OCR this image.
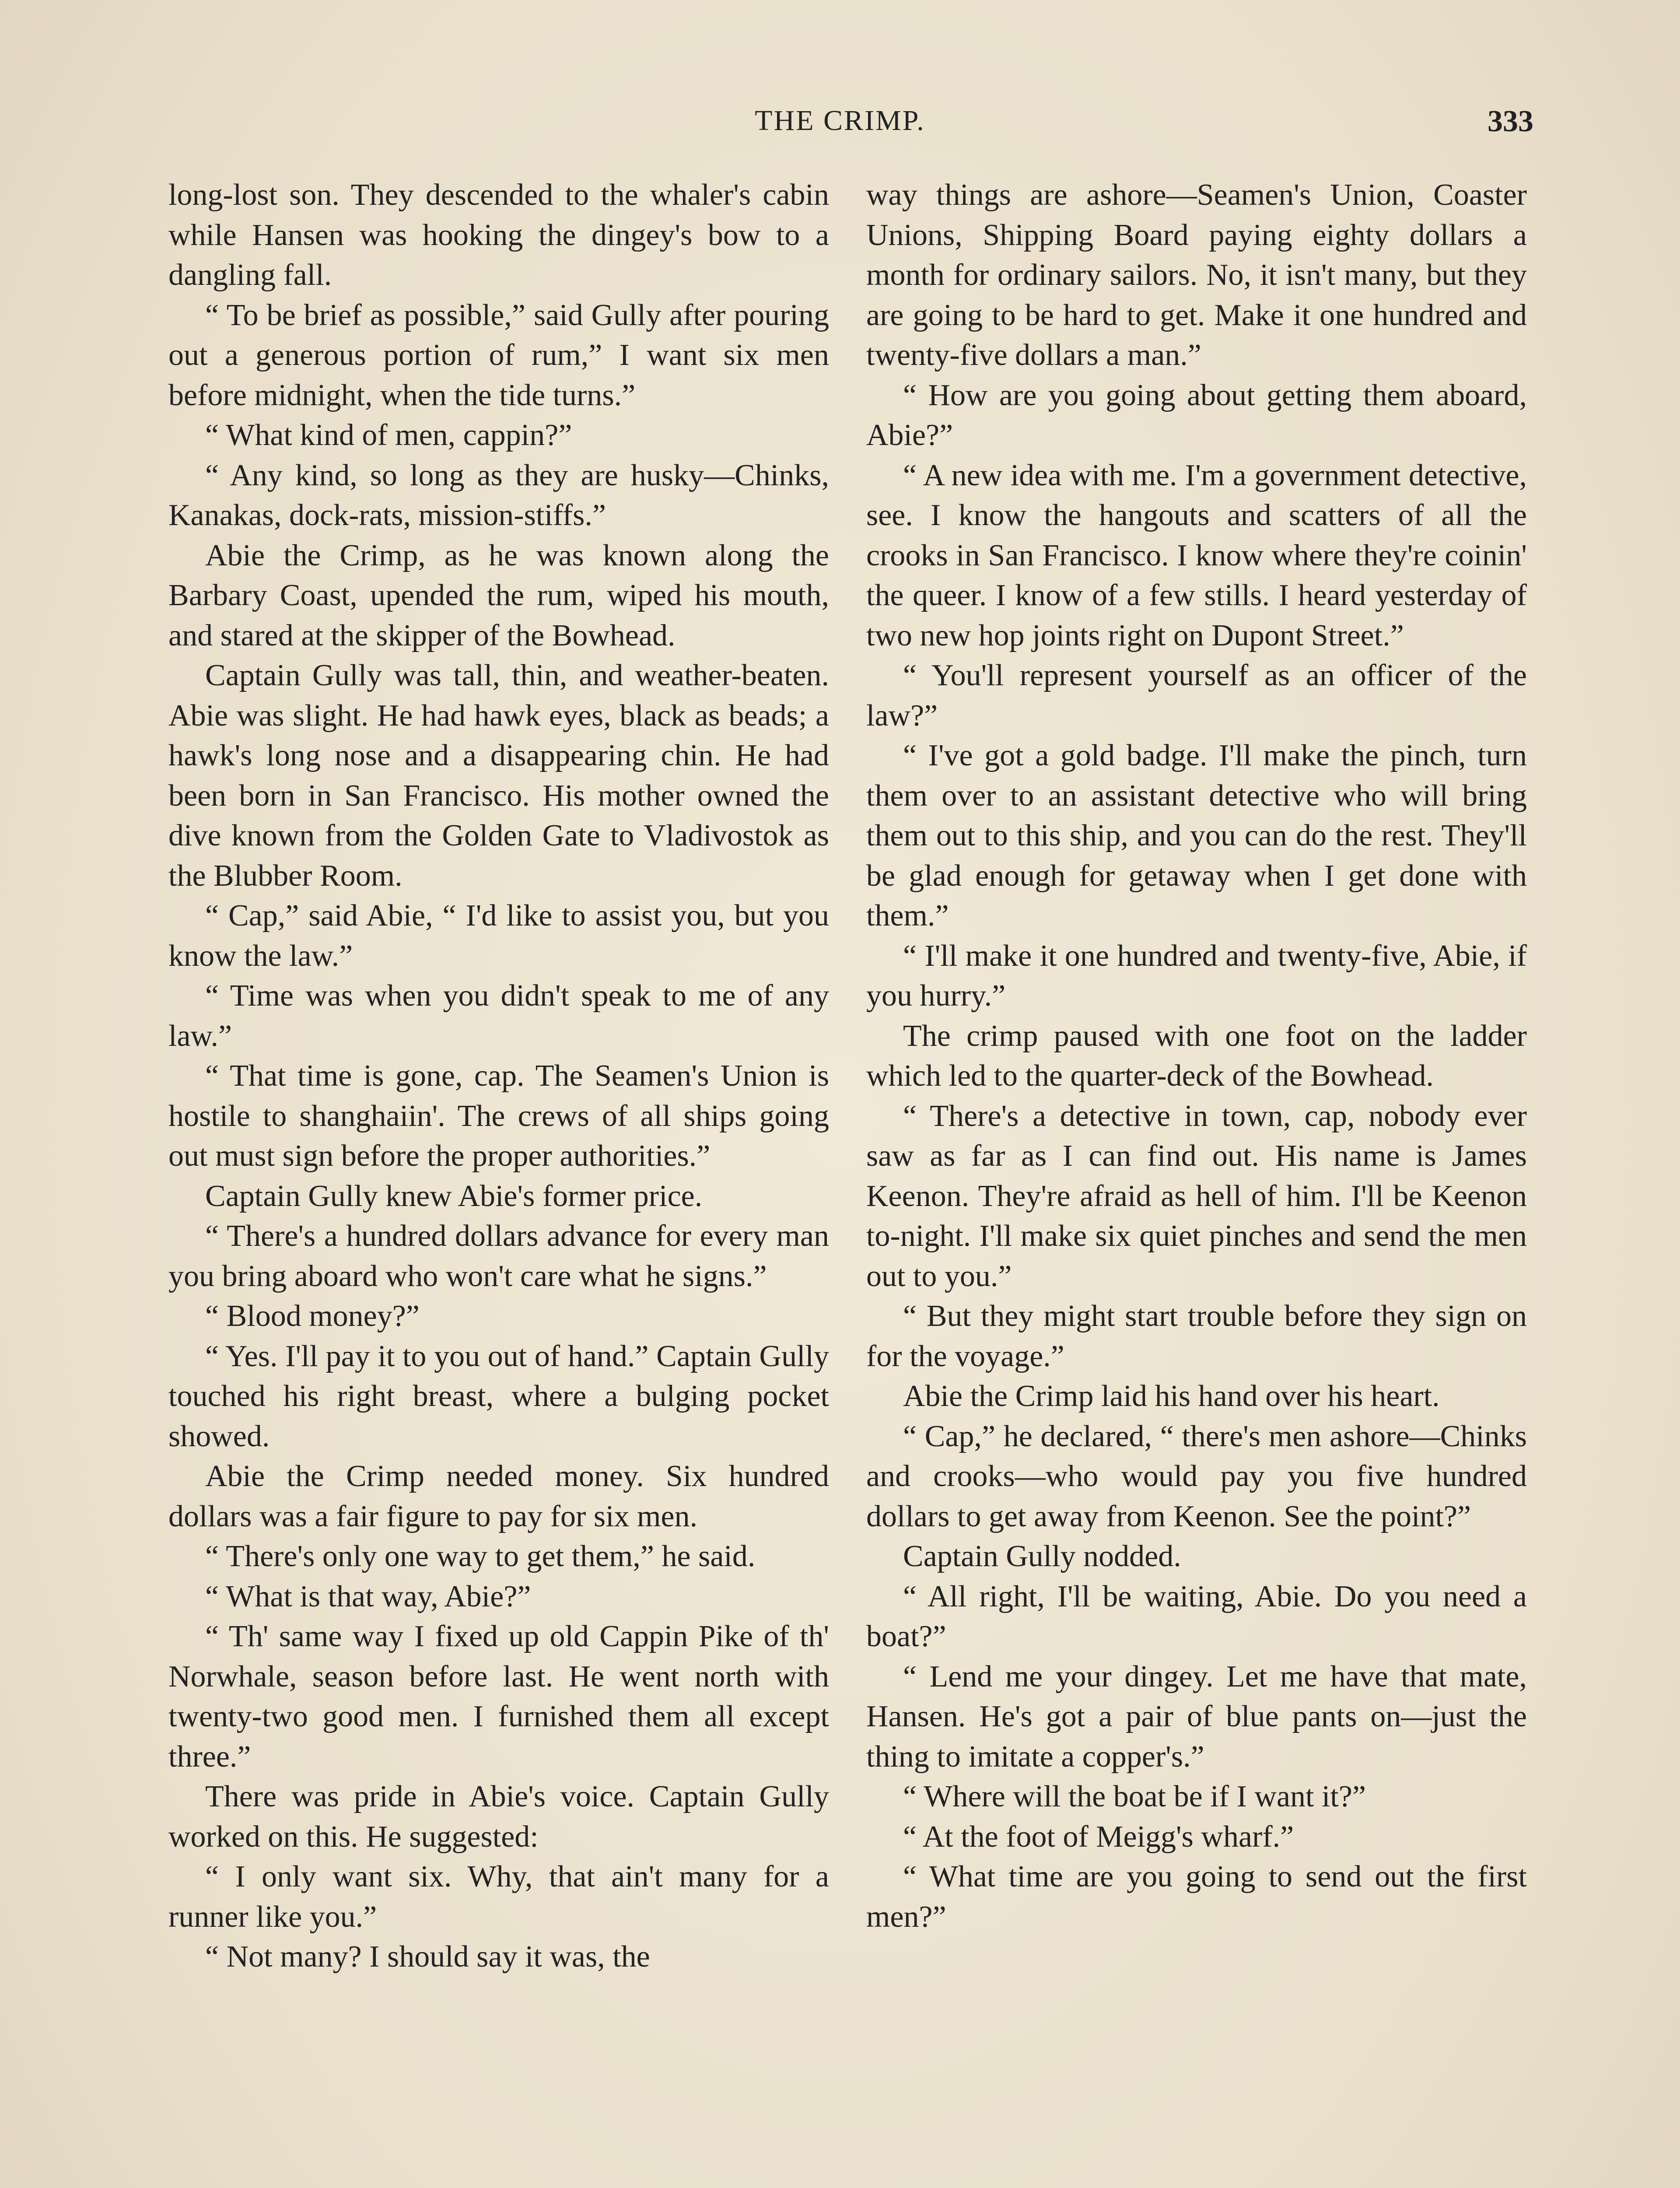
THE CRIMP.	333

long-lost son. They descended to the whaler's cabin while Hansen was hooking the dingey's bow to a dangling fall.

“ To be brief as possible,” said Gully after pouring out a generous portion of rum,” I want six men before midnight, when the tide turns.”

“ What kind of men, cappin?”

“ Any kind, so long as they are husky—Chinks, Kanakas, dock-rats, mission-stiffs.”

Abie the Crimp, as he was known along the Barbary Coast, upended the rum, wiped his mouth, and stared at the skipper of the Bowhead.

Captain Gully was tall, thin, and weather-beaten. Abie was slight. He had hawk eyes, black as beads; a hawk's long nose and a disappearing chin. He had been born in San Francisco. His mother owned the dive known from the Golden Gate to Vladivostok as the Blubber Room.

“ Cap,” said Abie, “ I'd like to assist you, but you know the law.”

“ Time was when you didn't speak to me of any law.”

“ That time is gone, cap. The Seamen's Union is hostile to shanghaiin'. The crews of all ships going out must sign before the proper authorities.”

Captain Gully knew Abie's former price.

“ There's a hundred dollars advance for every man you bring aboard who won't care what he signs.”

“ Blood money?”

“ Yes. I'll pay it to you out of hand.” Captain Gully touched his right breast, where a bulging pocket showed.

Abie the Crimp needed money. Six hundred dollars was a fair figure to pay for six men.

“ There's only one way to get them,” he said.

“ What is that way, Abie?”

“ Th' same way I fixed up old Cappin Pike of th' Norwhale, season before last. He went north with twenty-two good men. I furnished them all except three.”

There was pride in Abie's voice. Captain Gully worked on this. He suggested:

“ I only want six. Why, that ain't many for a runner like you.”

“ Not many? I should say it was, the

way things are ashore—Seamen's Union, Coaster Unions, Shipping Board paying eighty dollars a month for ordinary sailors. No, it isn't many, but they are going to be hard to get. Make it one hundred and twenty-five dollars a man.”

“ How are you going about getting them aboard, Abie?”

“ A new idea with me. I'm a government detective, see. I know the hangouts and scatters of all the crooks in San Francisco. I know where they're coinin' the queer. I know of a few stills. I heard yesterday of two new hop joints right on Dupont Street.”

“ You'll represent yourself as an officer of the law?”

“ I've got a gold badge. I'll make the pinch, turn them over to an assistant detective who will bring them out to this ship, and you can do the rest. They'll be glad enough for getaway when I get done with them.”

“ I'll make it one hundred and twenty-five, Abie, if you hurry.”

The crimp paused with one foot on the ladder which led to the quarter-deck of the Bowhead.

“ There's a detective in town, cap, nobody ever saw as far as I can find out. His name is James Keenon. They're afraid as hell of him. I'll be Keenon to-night. I'll make six quiet pinches and send the men out to you.”

“ But they might start trouble before they sign on for the voyage.”

Abie the Crimp laid his hand over his heart.

“ Cap,” he declared, “ there's men ashore—Chinks and crooks—who would pay you five hundred dollars to get away from Keenon. See the point?”

Captain Gully nodded.

“ All right, I'll be waiting, Abie. Do you need a boat?”

“ Lend me your dingey. Let me have that mate, Hansen. He's got a pair of blue pants on—just the thing to imitate a copper's.”

“ Where will the boat be if I want it?”

“ At the foot of Meigg's wharf.”

“ What time are you going to send out the first men?”
